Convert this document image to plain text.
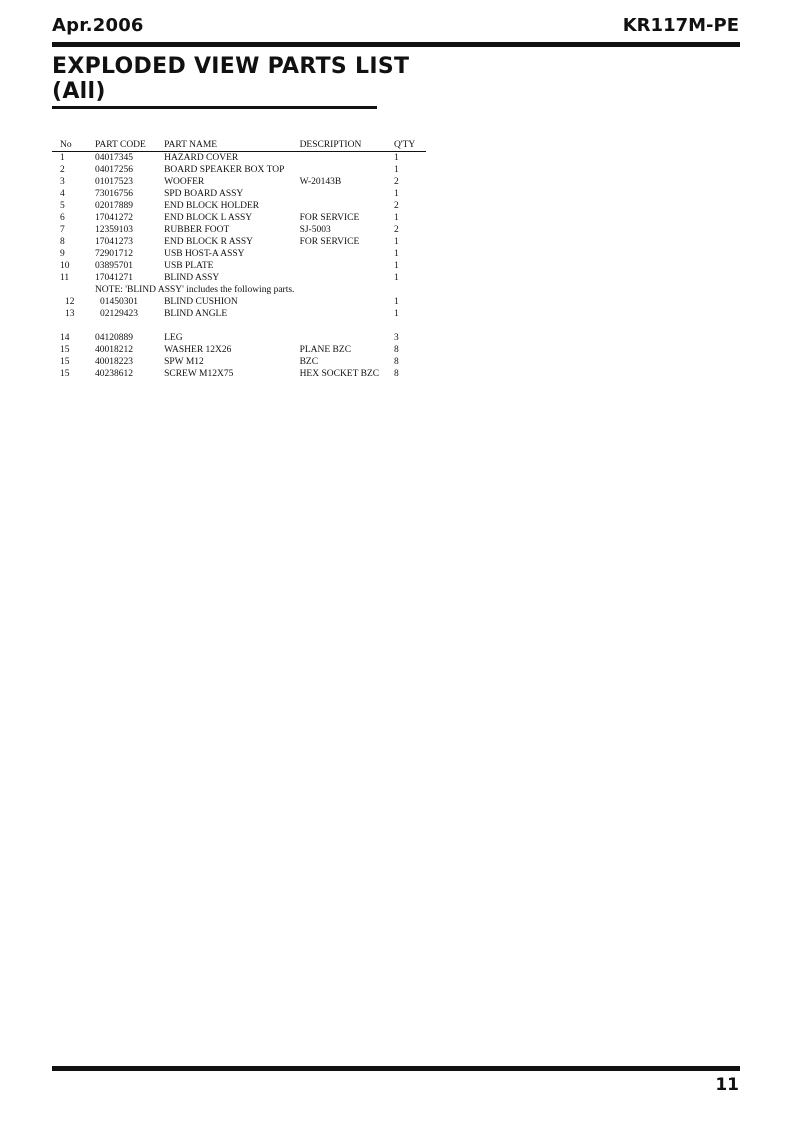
Apr.2006	KR117M-PE
EXPLODED VIEW PARTS LIST
(All)
No	PART CODE	PART NAME	DESCRIPTION	Q'TY
1	04017345	HAZARD COVER		1
2	04017256	BOARD SPEAKER BOX TOP		1
3	01017523	WOOFER	W-20143B	2
4	73016756	SPD BOARD ASSY		1
5	02017889	END BLOCK HOLDER		2
6	17041272	END BLOCK L ASSY	FOR SERVICE	1
7	12359103	RUBBER FOOT	SJ-5003	2
8	17041273	END BLOCK R ASSY	FOR SERVICE	1
9	72901712	USB HOST-A ASSY		1
10	03895701	USB PLATE		1
11	17041271	BLIND ASSY		1
	NOTE: 'BLIND ASSY' includes the following parts.			
12	01450301	BLIND CUSHION		1
13	02129423	BLIND ANGLE		1

14	04120889	LEG		3
15	40018212	WASHER 12X26	PLANE BZC	8
15	40018223	SPW M12	BZC	8
15	40238612	SCREW M12X75	HEX SOCKET BZC	8
11
